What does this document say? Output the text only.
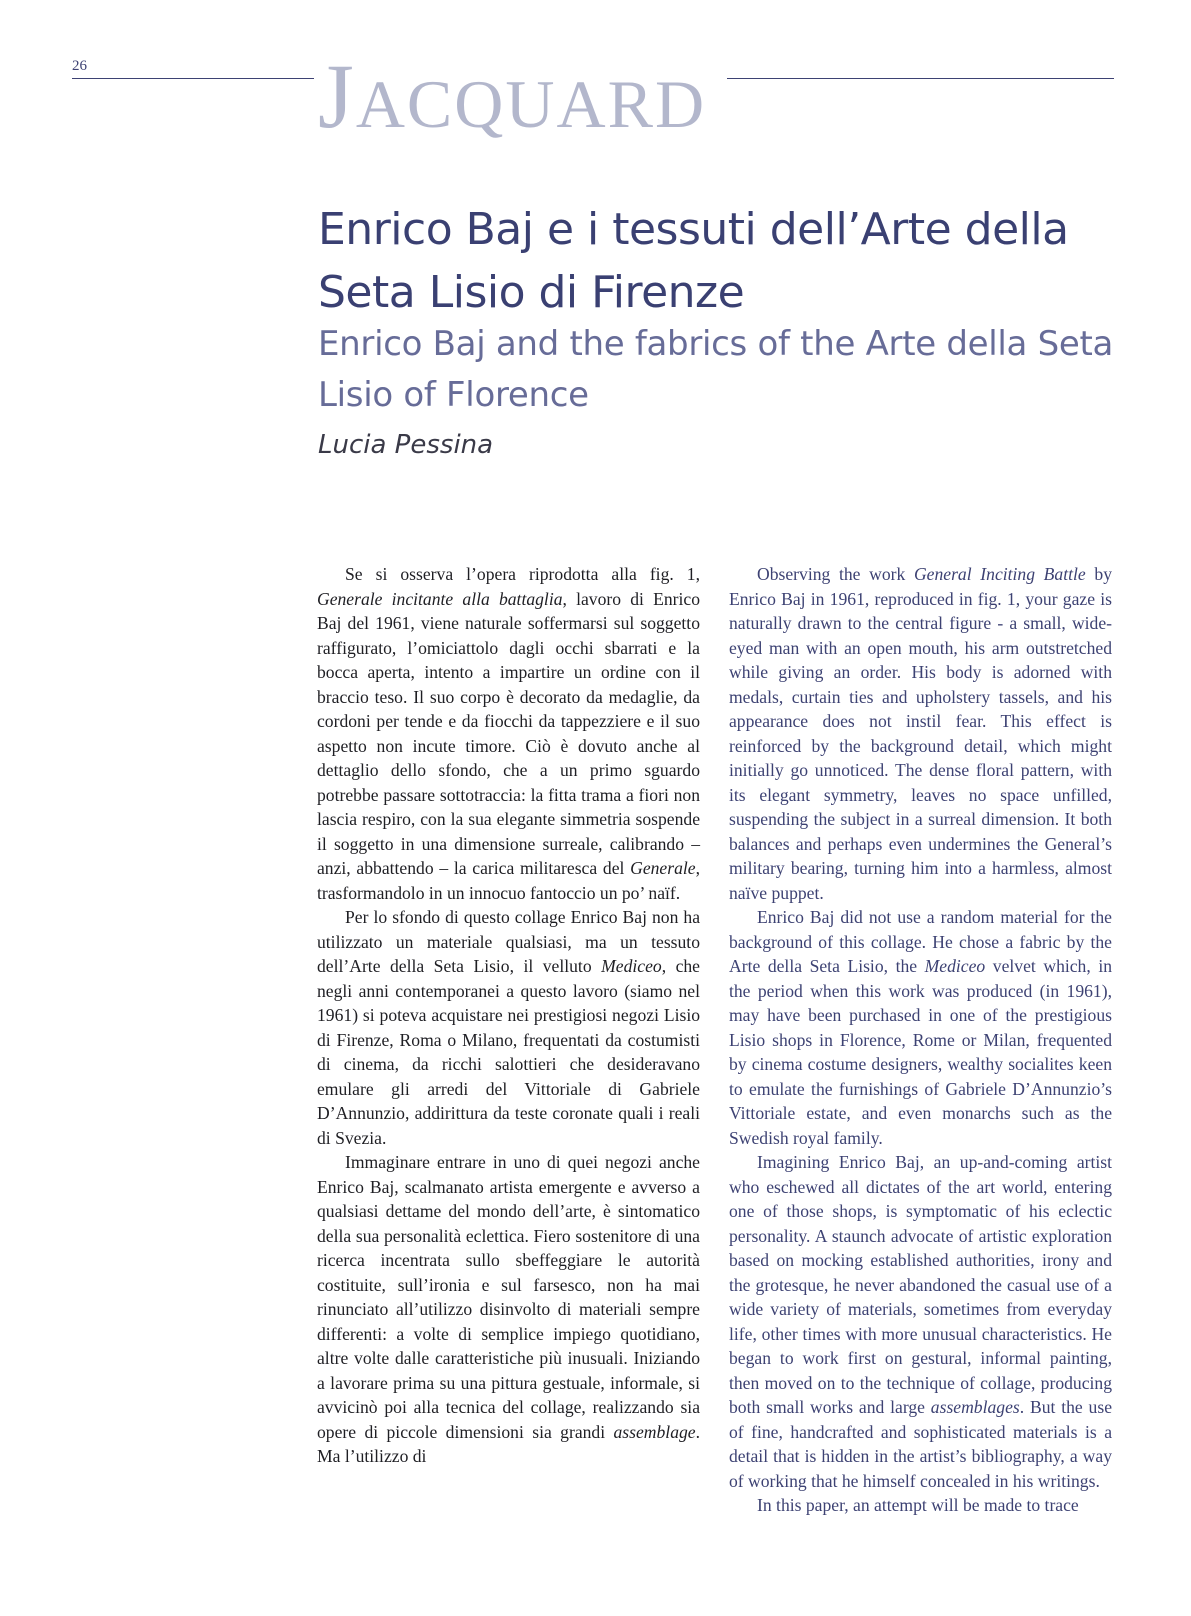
26	JACQUARD
Enrico Baj e i tessuti dell’Arte della Seta Lisio di Firenze
Enrico Baj and the fabrics of the Arte della Seta Lisio of Florence
Lucia Pessina

Se si osserva l’opera riprodotta alla fig. 1, Generale incitante alla battaglia, lavoro di Enrico Baj del 1961, viene naturale soffermarsi sul soggetto raffigurato, l’omiciattolo dagli occhi sbarrati e la bocca aperta, intento a impartire un ordine con il braccio teso. Il suo corpo è decorato da medaglie, da cordoni per tende e da fiocchi da tappezziere e il suo aspetto non incute timore. Ciò è dovuto anche al dettaglio dello sfondo, che a un primo sguardo potrebbe passare sottotraccia: la fitta trama a fiori non lascia respiro, con la sua elegante simmetria sospende il soggetto in una dimensione surreale, calibrando – anzi, abbattendo – la carica militaresca del Generale, trasformandolo in un innocuo fantoccio un po’ naïf.

Per lo sfondo di questo collage Enrico Baj non ha utilizzato un materiale qualsiasi, ma un tessuto dell’Arte della Seta Lisio, il velluto Mediceo, che negli anni contemporanei a questo lavoro (siamo nel 1961) si poteva acquistare nei prestigiosi negozi Lisio di Firenze, Roma o Milano, frequentati da costumisti di cinema, da ricchi salottieri che desideravano emulare gli arredi del Vittoriale di Gabriele D’Annunzio, addirittura da teste coronate quali i reali di Svezia.

Immaginare entrare in uno di quei negozi anche Enrico Baj, scalmanato artista emergente e avverso a qualsiasi dettame del mondo dell’arte, è sintomatico della sua personalità eclettica. Fiero sostenitore di una ricerca incentrata sullo sbeffeggiare le autorità costituite, sull’ironia e sul farsesco, non ha mai rinunciato all’utilizzo disinvolto di materiali sempre differenti: a volte di semplice impiego quotidiano, altre volte dalle caratteristiche più inusuali. Iniziando a lavorare prima su una pittura gestuale, informale, si avvicinò poi alla tecnica del collage, realizzando sia opere di piccole dimensioni sia grandi assemblage. Ma l’utilizzo di

Observing the work General Inciting Battle by Enrico Baj in 1961, reproduced in fig. 1, your gaze is naturally drawn to the central figure - a small, wide-eyed man with an open mouth, his arm outstretched while giving an order. His body is adorned with medals, curtain ties and upholstery tassels, and his appearance does not instil fear. This effect is reinforced by the background detail, which might initially go unnoticed. The dense floral pattern, with its elegant symmetry, leaves no space unfilled, suspending the subject in a surreal dimension. It both balances and perhaps even undermines the General’s military bearing, turning him into a harmless, almost naïve puppet.

Enrico Baj did not use a random material for the background of this collage. He chose a fabric by the Arte della Seta Lisio, the Mediceo velvet which, in the period when this work was produced (in 1961), may have been purchased in one of the prestigious Lisio shops in Florence, Rome or Milan, frequented by cinema costume designers, wealthy socialites keen to emulate the furnishings of Gabriele D’Annunzio’s Vittoriale estate, and even monarchs such as the Swedish royal family.

Imagining Enrico Baj, an up-and-coming artist who eschewed all dictates of the art world, entering one of those shops, is symptomatic of his eclectic personality. A staunch advocate of artistic exploration based on mocking established authorities, irony and the grotesque, he never abandoned the casual use of a wide variety of materials, sometimes from everyday life, other times with more unusual characteristics. He began to work first on gestural, informal painting, then moved on to the technique of collage, producing both small works and large assemblages. But the use of fine, handcrafted and sophisticated materials is a detail that is hidden in the artist’s bibliography, a way of working that he himself concealed in his writings.

In this paper, an attempt will be made to trace
